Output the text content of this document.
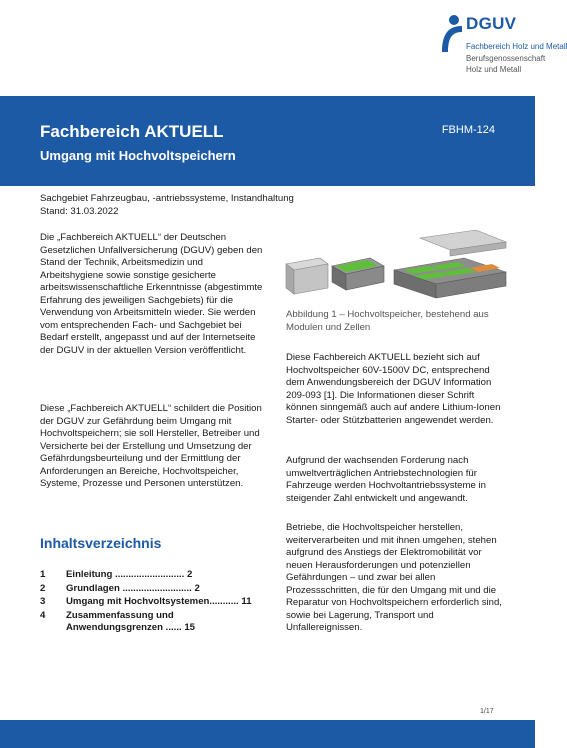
DGUV
Fachbereich Holz und Metall
Berufsgenossenschaft
Holz und Metall
Fachbereich AKTUELL
Umgang mit Hochvoltspeichern
FBHM-124
Sachgebiet Fahrzeugbau, -antriebssysteme, Instandhaltung
Stand: 31.03.2022

Die „Fachbereich AKTUELL“ der Deutschen Gesetzlichen Unfallversicherung (DGUV) geben den Stand der Technik, Arbeitsmedizin und Arbeitshygiene sowie sonstige gesicherte arbeitswissenschaftliche Erkenntnisse (abgestimmte Erfahrung des jeweiligen Sachgebiets) für die Verwendung von Arbeitsmitteln wieder. Sie werden vom entsprechenden Fach- und Sachgebiet bei Bedarf erstellt, angepasst und auf der Internetseite der DGUV in der aktuellen Version veröffentlicht.

Diese „Fachbereich AKTUELL“ schildert die Position der DGUV zur Gefährdung beim Umgang mit Hochvoltspeichern; sie soll Hersteller, Betreiber und Versicherte bei der Erstellung und Umsetzung der Gefährdungsbeurteilung und der Ermittlung der Anforderungen an Bereiche, Hochvoltspeicher, Systeme, Prozesse und Personen unterstützen.

Inhaltsverzeichnis
1	Einleitung .......................... 2
2	Grundlagen .......................... 2
3	Umgang mit Hochvoltsystemen........... 11
4	Zusammenfassung und Anwendungsgrenzen ...... 15
Abbildung 1 – Hochvoltspeicher, bestehend aus Modulen und Zellen

Diese Fachbereich AKTUELL bezieht sich auf Hochvoltspeicher 60V-1500V DC, entsprechend dem Anwendungsbereich der DGUV Information 209-093 [1]. Die Informationen dieser Schrift können sinngemäß auch auf andere Lithium-Ionen Starter- oder Stützbatterien angewendet werden.

Aufgrund der wachsenden Forderung nach umweltverträglichen Antriebstechnologien für Fahrzeuge werden Hochvoltantriebssysteme in steigender Zahl entwickelt und angewandt.

Betriebe, die Hochvoltspeicher herstellen, weiterverarbeiten und mit ihnen umgehen, stehen aufgrund des Anstiegs der Elektromobilität vor neuen Herausforderungen und potenziellen Gefährdungen – und zwar bei allen Prozessschritten, die für den Umgang mit und die Reparatur von Hochvoltspeichern erforderlich sind, sowie bei Lagerung, Transport und Unfallereignissen.

1/17
